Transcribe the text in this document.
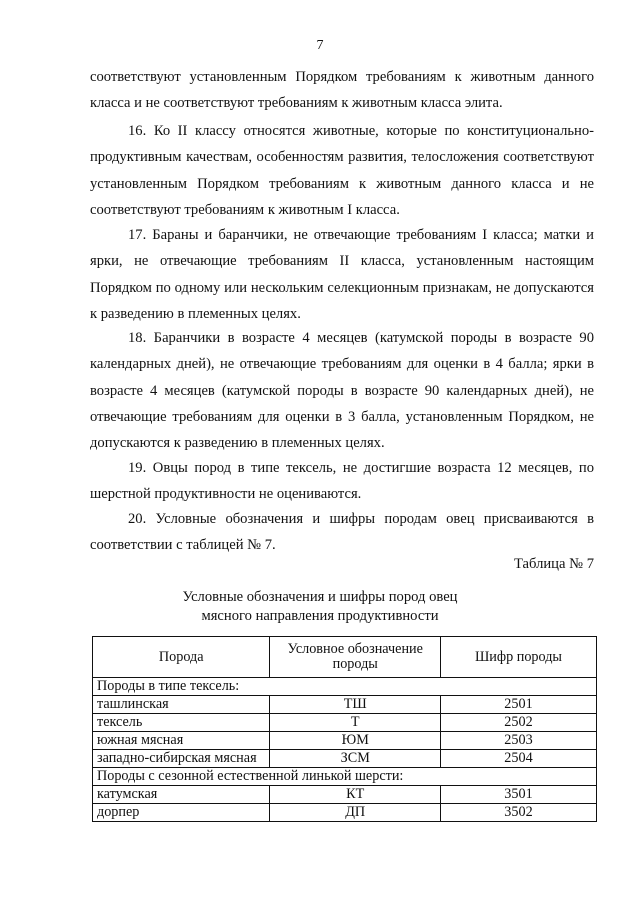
7

соответствуют установленным Порядком требованиям к животным данного класса и не соответствуют требованиям к животным класса элита.

16. Ко II классу относятся животные, которые по конституционально-продуктивным качествам, особенностям развития, телосложения соответствуют установленным Порядком требованиям к животным данного класса и не соответствуют требованиям к животным I класса.

17. Бараны и баранчики, не отвечающие требованиям I класса; матки и ярки, не отвечающие требованиям II класса, установленным настоящим Порядком по одному или нескольким селекционным признакам, не допускаются к разведению в племенных целях.

18. Баранчики в возрасте 4 месяцев (катумской породы в возрасте 90 календарных дней), не отвечающие требованиям для оценки в 4 балла; ярки в возрасте 4 месяцев (катумской породы в возрасте 90 календарных дней), не отвечающие требованиям для оценки в 3 балла, установленным Порядком, не допускаются к разведению в племенных целях.

19. Овцы пород в типе тексель, не достигшие возраста 12 месяцев, по шерстной продуктивности не оцениваются.

20. Условные обозначения и шифры породам овец присваиваются в соответствии с таблицей № 7.

Таблица № 7
Условные обозначения и шифры пород овец
мясного направления продуктивности
Порода	Условное обозначение породы	Шифр породы
Породы в типе тексель:		
ташлинская	ТШ	2501
тексель	Т	2502
южная мясная	ЮМ	2503
западно-сибирская мясная	ЗСМ	2504
Породы с сезонной естественной линькой шерсти:		
катумская	КТ	3501
дорпер	ДП	3502
